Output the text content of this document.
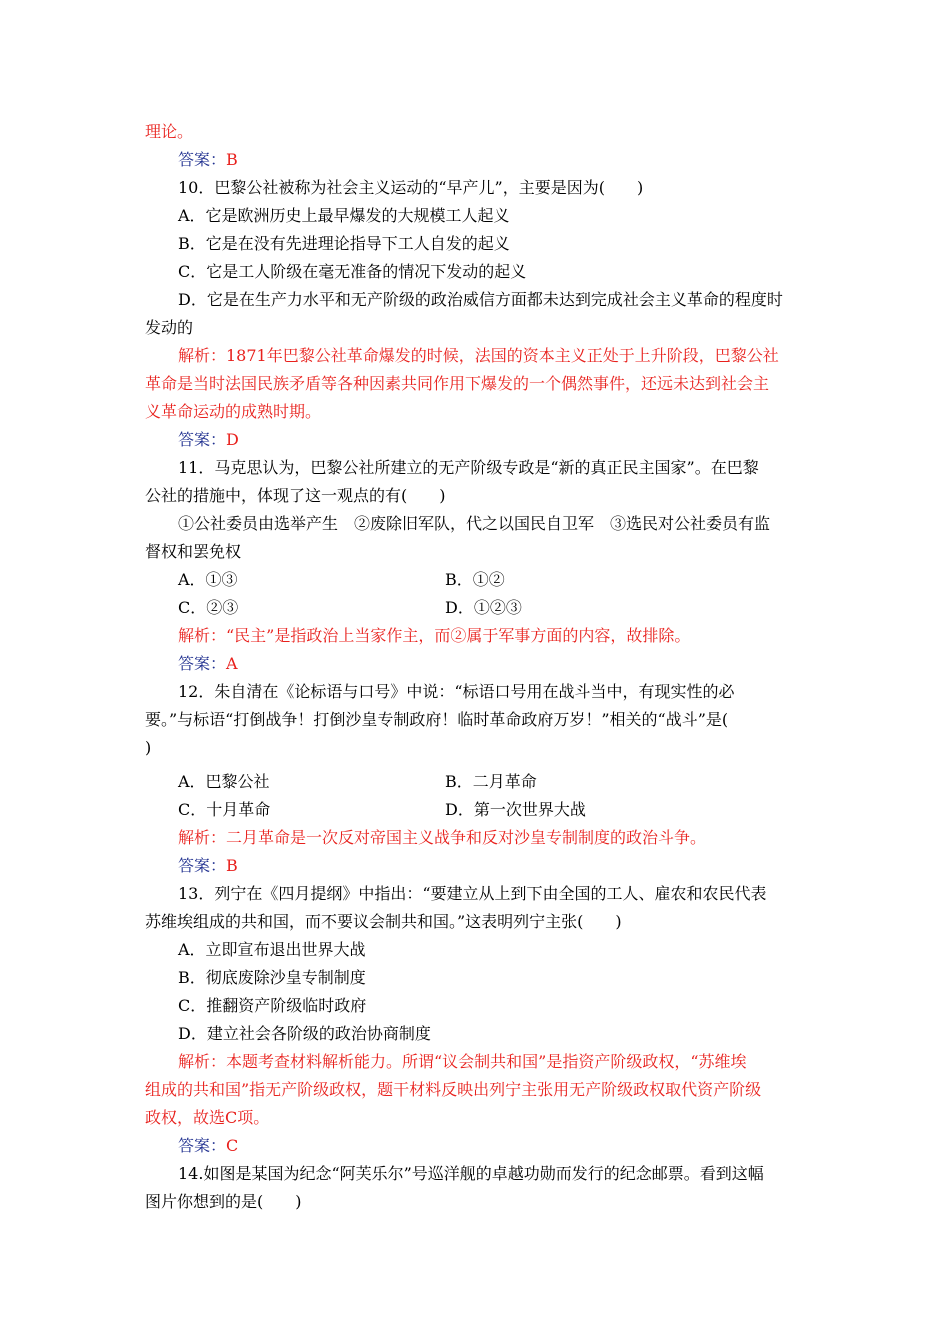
理论。
答案：B
10．巴黎公社被称为社会主义运动的“早产儿”，主要是因为(　　)
A．它是欧洲历史上最早爆发的大规模工人起义
B．它是在没有先进理论指导下工人自发的起义
C．它是工人阶级在毫无准备的情况下发动的起义
D．它是在生产力水平和无产阶级的政治威信方面都未达到完成社会主义革命的程度时
发动的
解析：1871年巴黎公社革命爆发的时候，法国的资本主义正处于上升阶段，巴黎公社
革命是当时法国民族矛盾等各种因素共同作用下爆发的一个偶然事件，还远未达到社会主
义革命运动的成熟时期。
答案：D
11．马克思认为，巴黎公社所建立的无产阶级专政是“新的真正民主国家”。在巴黎
公社的措施中，体现了这一观点的有(　　)
①公社委员由选举产生　②废除旧军队，代之以国民自卫军　③选民对公社委员有监
督权和罢免权
A．①③	B．①②
C．②③	D．①②③
解析：“民主”是指政治上当家作主，而②属于军事方面的内容，故排除。
答案：A
12．朱自清在《论标语与口号》中说：“标语口号用在战斗当中，有现实性的必
要。”与标语“打倒战争！打倒沙皇专制政府！临时革命政府万岁！”相关的“战斗”是(
)
A．巴黎公社	B．二月革命
C．十月革命	D．第一次世界大战
解析：二月革命是一次反对帝国主义战争和反对沙皇专制制度的政治斗争。
答案：B
13．列宁在《四月提纲》中指出：“要建立从上到下由全国的工人、雇农和农民代表
苏维埃组成的共和国，而不要议会制共和国。”这表明列宁主张(　　)
A．立即宣布退出世界大战
B．彻底废除沙皇专制制度
C．推翻资产阶级临时政府
D．建立社会各阶级的政治协商制度
解析：本题考查材料解析能力。所谓“议会制共和国”是指资产阶级政权，“苏维埃
组成的共和国”指无产阶级政权，题干材料反映出列宁主张用无产阶级政权取代资产阶级
政权，故选C项。
答案：C
14.如图是某国为纪念“阿芙乐尔”号巡洋舰的卓越功勋而发行的纪念邮票。看到这幅
图片你想到的是(　　)
